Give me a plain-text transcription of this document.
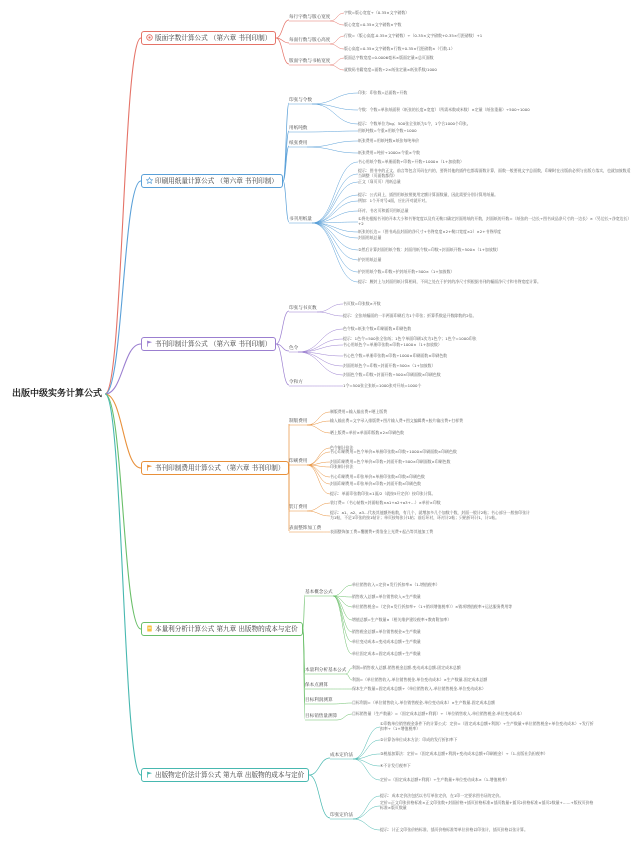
出版中级实务计算公式
版面字数计算公式 （第六章 书刊印制）
每行字数与版心宽度
字数=版心宽度÷（0.35×文字磅数）
版心宽度=0.35×文字磅数×字数
每面行数与版心高度
行数=（版心高度-0.35×文字磅数）÷（0.35×文字磅数+0.35×行距磅数）+1
版心高度=0.35×文字磅数×行数+0.35×行距磅数×（行数-1）
版面字数与书帖宽度
版面总字数宽度=0.0006毫米×版面定量×总页面数
就数码书籍宽度=面数÷2×纸张定量×纸张系数/1000
印刷用纸量计算公式 （第六章 书刊印制）
印张与令数
印张：印张数=总面数÷开数
令数：令数=单张纸面积（纸张的长度×宽度）（所需米数或米数）×定量（纸张重量）÷500÷1000
提示：令数单位为kg；500张全张纸为1令，1令合1000个印张。
用纸吨数	用纸吨数=令重×用纸令数÷1000
纸张费用
纸张费用=用纸吨数×纸张每吨单价
纸张费用=吨价÷1000×令重×令数
书刊用纸量
书心用纸令数=单册面数÷印数÷开数÷1000×（1+加放数）
提示：图书中的正文、前言等包含页码在内的，要将其他的插件也都需面数计算，面数一般要视文字总面数，印刷时在出版前必须与出版方落实，也就加放数适当调整（页面数都得）
正文（扉页页）用纸总量
提示：公式同上，插图用纸按照使用定额计算面数量，因此需要分别计算用纸量。
例如：1个开对号4面，应出开对就开对。
环衬、书名页和插页用纸总量
①将先根据书刊的开本大小和书脊宽度以及有无勒口确定封面用纸的开数，封面纸的开数=（纸张的一边长÷图书成品净尺寸的一边长）×（另边长÷净宽边长）+2
纸张的长边=（图书成品封面的净尺寸+书脊宽度×2+勒口宽度×2）×2+书脊厚度
封面用纸总量
②然后计算封面用纸令数：封面用纸令数=印数÷封面纸开数÷500×（1+加放数）
护封用纸总量
护封用纸令数=印数÷护封纸开数÷500×（1+加放数）
提示：腰封上与封面用纸计算相同，不同之处在于护封的净尺寸须根据书刊的幅面净尺寸和书脊宽度计算。
书刊印制计算公式 （第六章 书刊印制）
印张与书页数
书页数=印张数×开数
提示：全张纸幅面的一半两面印刷后为1个印张；折算系数是开数除数的2倍。
色令
色令数=纸张令数×印刷面数×印刷色数
提示：1色令=500张全张纸；1色令单面印刷1次为1色令；1色令=1000印张
书心用纸色令=单册印张数×印数÷1000×（1+加放数）
书心色令数=单册印张数×印数÷1000×印刷面数×印刷色数
封面用纸色令=印数÷封面开数÷500×（1+加放数）
封面色令数=印数÷封面开数÷500×印刷面数×印刷色数
令和方	1令=500张全张纸=1000张对开纸=1000个
书刊印制费用计算公式 （第六章 书刊印制）
制版费用
制版费用=输入输出费+晒上版费
输入输出费=文字录入排版费+图片输入费+图文编辑费+胶片输出费+打样费
晒上版费=单价×单面印版数×2×印刷色数
印刷费用
色令制计价法
书心印刷费用=色令单价×单册印张数×印数÷1000×印刷面数×印刷色数
封面印刷费用=色令单价×印数÷封面开数÷500×印刷面数×印刷色数
印张制计价法
书心印刷费用=印张单价×单册印张数×印数×印刷色数
封面印刷费用=印张单价×印数÷封面开数×印刷色数
提示：单面印张数印张×1面/2（就按5开定价）按印张计算。
装订费用
装订费=（书心帖数+封面帖数×a1+a2+a3+…）×单价×印数
提示：a1、a2、a3…代表其他额外帖数，有几个，就增加多几个加数个数，封面一般计2帖；书心部分一般按印张计为1帖，不足1印张的按1帖计；单页按每张计1帖；前后环衬，环衬计2帖；只粘折环计1，计1帖。
表面整饰加工费 表面整饰加工费=覆膜费+烫箔金上光费+起凸等其他加工费
本量利分析计算公式 第九章 出版物的成本与定价
基本概念公式
单位销售收入=定价×发行折扣率×（1-增值税率）
销售收入总额=单位销售收入×生产数量
单位销售税金=（定价×发行折扣率÷（1+销项增值税率））×销项增值税率+运达服务费用等
增值总额=生产数量×（相关维护建设税率+教育附加率）
销售税金总额=单位销售税金×生产数量
单位变动成本=变动成本总额÷生产数量
单位固定成本=固定成本总额÷生产数量
本量利分析基本公式
利润=销售收入总额-销售税金总额-变动成本总额-固定成本总额
利润=（单位销售收入-单位销售税金-单位变动成本）×生产数量-固定成本总额
保本点测算	保本生产数量=固定成本总额÷（单位销售收入-单位销售税金-单位变动成本）
目标利润测算	目标利润=（单位销售收入-单位销售税金-单位变动成本）×生产数量-固定成本总额
目标销售量测算
目标销售量（生产数量）=（固定成本总额+利润）÷（单位销售收入-单位销售税金-单位变动成本）
出版物定价法计算公式 第九章 出版物的成本与定价
成本定价法
①印数单位销售税金条件下的计算公式：定价=（固定成本总额+利润）÷生产数量+单位销售税金+单位变动成本）÷发行折扣率÷（1+增值税率）
②计算各单位成本方法：印成的发行折扣率下
③税基加算法：定价=（固定成本总额+利润+变动成本总额+印刷税金）÷（1-出版社负担税率）
④不计发行税率下
定价=（固定成本总额+利润）÷生产数量+单位变动成本×（1-增值税率）
印张定价法
提示：成本定价法包括以书写单张定价，在1印一定要求图书证的定价。
定价=正文印张价格标准×正文印张数+封面价格+插页价格标准×插页数量+插页2价格标准×插页2数量+……+版权页价格标准×版页数量
提示：计正文印张价格标准、插页价格标准等单位价格以印张计，插页价格以张计算。
